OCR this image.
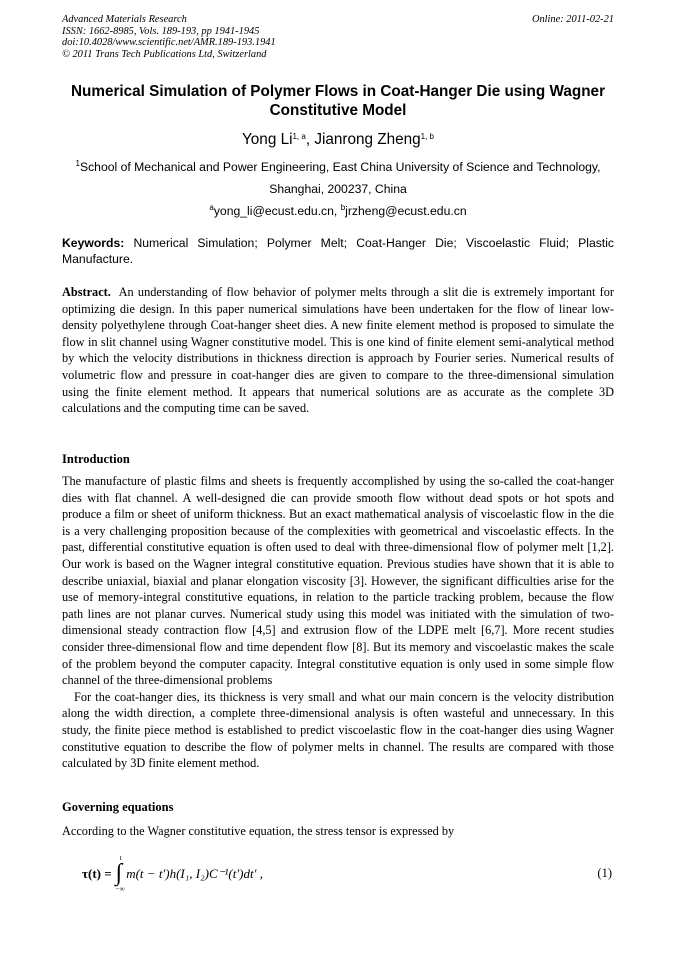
Advanced Materials Research
ISSN: 1662-8985, Vols. 189-193, pp 1941-1945
doi:10.4028/www.scientific.net/AMR.189-193.1941
© 2011 Trans Tech Publications Ltd, Switzerland
Online: 2011-02-21
Numerical Simulation of Polymer Flows in Coat-Hanger Die using Wagner Constitutive Model
Yong Li$^{1, a}$, Jianrong Zheng$^{1, b}$
$^1$School of Mechanical and Power Engineering, East China University of Science and Technology,
Shanghai, 200237, China
$^a$yong_li@ecust.edu.cn, $^b$jrzheng@ecust.edu.cn
Keywords: Numerical Simulation; Polymer Melt; Coat-Hanger Die; Viscoelastic Fluid; Plastic Manufacture.

Abstract.  An understanding of flow behavior of polymer melts through a slit die is extremely important for optimizing die design. In this paper numerical simulations have been undertaken for the flow of linear low-density polyethylene through Coat-hanger sheet dies. A new finite element method is proposed to simulate the flow in slit channel using Wagner constitutive model. This is one kind of finite element semi-analytical method by which the velocity distributions in thickness direction is approach by Fourier series. Numerical results of volumetric flow and pressure in coat-hanger dies are given to compare to the three-dimensional simulation using the finite element method. It appears that numerical solutions are as accurate as the complete 3D calculations and the computing time can be saved.

Introduction

The manufacture of plastic films and sheets is frequently accomplished by using the so-called the coat-hanger dies with flat channel. A well-designed die can provide smooth flow without dead spots or hot spots and produce a film or sheet of uniform thickness. But an exact mathematical analysis of viscoelastic flow in the die is a very challenging proposition because of the complexities with geometrical and viscoelastic effects. In the past, differential constitutive equation is often used to deal with three-dimensional flow of polymer melt [1,2]. Our work is based on the Wagner integral constitutive equation. Previous studies have shown that it is able to describe uniaxial, biaxial and planar elongation viscosity [3]. However, the significant difficulties arise for the use of memory-integral constitutive equations, in relation to the particle tracking problem, because the flow path lines are not planar curves. Numerical study using this model was initiated with the simulation of two-dimensional steady contraction flow [4,5] and extrusion flow of the LDPE melt [6,7]. More recent studies consider three-dimensional flow and time dependent flow [8]. But its memory and viscoelastic makes the scale of the problem beyond the computer capacity. Integral constitutive equation is only used in some simple flow channel of the three-dimensional problems
For the coat-hanger dies, its thickness is very small and what our main concern is the velocity distribution along the width direction, a complete three-dimensional analysis is often wasteful and unnecessary. In this study, the finite piece method is established to predict viscoelastic flow in the coat-hanger dies using Wagner constitutive equation to describe the flow of polymer melts in channel. The results are compared with those calculated by 3D finite element method.

Governing equations

According to the Wagner constitutive equation, the stress tensor is expressed by

τ(t) = ∫
t
−∞
m(t − t′)h(I₁, I₂)C⁻¹(t′)dt′ ,	(1)
